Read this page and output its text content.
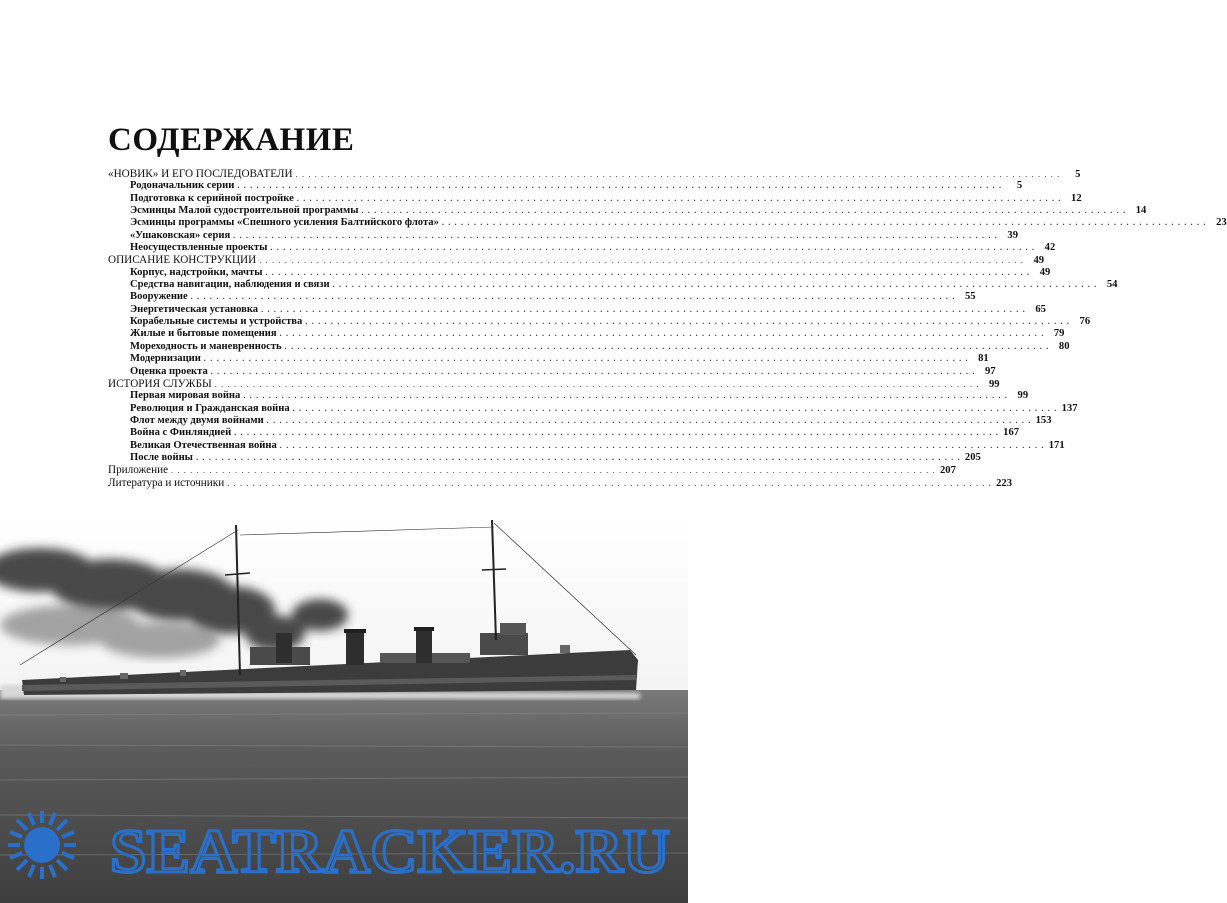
СОДЕРЖАНИЕ
«НОВИК» И ЕГО ПОСЛЕДОВАТЕЛИ . . . . . . . . . . . . . . . . . . . . . . . . . . . . . . . . . . . . . . . . . . . . . . . . . . . . . . . . . . . . . . . . . . . . . . . . . . . . . . . . . . . . . . . . . . . . . . . . . . . . . . . . . . . . . . . . . . . . . . . .	5
Родоначальник серии . . . . . . . . . . . . . . . . . . . . . . . . . . . . . . . . . . . . . . . . . . . . . . . . . . . . . . . . . . . . . . . . . . . . . . . . . . . . . . . . . . . . . . . . . . . . . . . . . . . . . . . . . . . . . . . . . . . . . . . .	5
Подготовка к серийной постройке . . . . . . . . . . . . . . . . . . . . . . . . . . . . . . . . . . . . . . . . . . . . . . . . . . . . . . . . . . . . . . . . . . . . . . . . . . . . . . . . . . . . . . . . . . . . . . . . . . . . . . . . . . . . . . . . . . . . . . . . 12
Эсминцы Малой судостроительной программы . . . . . . . . . . . . . . . . . . . . . . . . . . . . . . . . . . . . . . . . . . . . . . . . . . . . . . . . . . . . . . . . . . . . . . . . . . . . . . . . . . . . . . . . . . . . . . . . . . . . . . . . . . . . . . . . . . . . . . . . 14
Эсминцы программы «Спешного усиления Балтийского флота» . . . . . . . . . . . . . . . . . . . . . . . . . . . . . . . . . . . . . . . . . . . . . . . . . . . . . . . . . . . . . . . . . . . . . . . . . . . . . . . . . . . . . . . . . . . . . . . . . . . . . . . . . . . . . . . . . . . . . . . . 23
«Ушаковская» серия . . . . . . . . . . . . . . . . . . . . . . . . . . . . . . . . . . . . . . . . . . . . . . . . . . . . . . . . . . . . . . . . . . . . . . . . . . . . . . . . . . . . . . . . . . . . . . . . . . . . . . . . . . . . . . . . . . . . . . . . 39
Неосуществленные проекты . . . . . . . . . . . . . . . . . . . . . . . . . . . . . . . . . . . . . . . . . . . . . . . . . . . . . . . . . . . . . . . . . . . . . . . . . . . . . . . . . . . . . . . . . . . . . . . . . . . . . . . . . . . . . . . . . . . . . . . . 42
ОПИСАНИЕ КОНСТРУКЦИИ . . . . . . . . . . . . . . . . . . . . . . . . . . . . . . . . . . . . . . . . . . . . . . . . . . . . . . . . . . . . . . . . . . . . . . . . . . . . . . . . . . . . . . . . . . . . . . . . . . . . . . . . . . . . . . . . . . . . . . . . 49
Корпус, надстройки, мачты . . . . . . . . . . . . . . . . . . . . . . . . . . . . . . . . . . . . . . . . . . . . . . . . . . . . . . . . . . . . . . . . . . . . . . . . . . . . . . . . . . . . . . . . . . . . . . . . . . . . . . . . . . . . . . . . . . . . . . . . 49
Средства навигации, наблюдения и связи . . . . . . . . . . . . . . . . . . . . . . . . . . . . . . . . . . . . . . . . . . . . . . . . . . . . . . . . . . . . . . . . . . . . . . . . . . . . . . . . . . . . . . . . . . . . . . . . . . . . . . . . . . . . . . . . . . . . . . . . 54
Вооружение . . . . . . . . . . . . . . . . . . . . . . . . . . . . . . . . . . . . . . . . . . . . . . . . . . . . . . . . . . . . . . . . . . . . . . . . . . . . . . . . . . . . . . . . . . . . . . . . . . . . . . . . . . . . . . . . . . . . . . . . 55
Энергетическая установка . . . . . . . . . . . . . . . . . . . . . . . . . . . . . . . . . . . . . . . . . . . . . . . . . . . . . . . . . . . . . . . . . . . . . . . . . . . . . . . . . . . . . . . . . . . . . . . . . . . . . . . . . . . . . . . . . . . . . . . . 65
Корабельные системы и устройства . . . . . . . . . . . . . . . . . . . . . . . . . . . . . . . . . . . . . . . . . . . . . . . . . . . . . . . . . . . . . . . . . . . . . . . . . . . . . . . . . . . . . . . . . . . . . . . . . . . . . . . . . . . . . . . . . . . . . . . . 76
Жилые и бытовые помещения . . . . . . . . . . . . . . . . . . . . . . . . . . . . . . . . . . . . . . . . . . . . . . . . . . . . . . . . . . . . . . . . . . . . . . . . . . . . . . . . . . . . . . . . . . . . . . . . . . . . . . . . . . . . . . . . . . . . . . . . 79
Мореходность и маневренность . . . . . . . . . . . . . . . . . . . . . . . . . . . . . . . . . . . . . . . . . . . . . . . . . . . . . . . . . . . . . . . . . . . . . . . . . . . . . . . . . . . . . . . . . . . . . . . . . . . . . . . . . . . . . . . . . . . . . . . . 80
Модернизации . . . . . . . . . . . . . . . . . . . . . . . . . . . . . . . . . . . . . . . . . . . . . . . . . . . . . . . . . . . . . . . . . . . . . . . . . . . . . . . . . . . . . . . . . . . . . . . . . . . . . . . . . . . . . . . . . . . . . . . . 81
Оценка проекта . . . . . . . . . . . . . . . . . . . . . . . . . . . . . . . . . . . . . . . . . . . . . . . . . . . . . . . . . . . . . . . . . . . . . . . . . . . . . . . . . . . . . . . . . . . . . . . . . . . . . . . . . . . . . . . . . . . . . . . . 97
ИСТОРИЯ СЛУЖБЫ . . . . . . . . . . . . . . . . . . . . . . . . . . . . . . . . . . . . . . . . . . . . . . . . . . . . . . . . . . . . . . . . . . . . . . . . . . . . . . . . . . . . . . . . . . . . . . . . . . . . . . . . . . . . . . . . . . . . . . . . 99
Первая мировая война . . . . . . . . . . . . . . . . . . . . . . . . . . . . . . . . . . . . . . . . . . . . . . . . . . . . . . . . . . . . . . . . . . . . . . . . . . . . . . . . . . . . . . . . . . . . . . . . . . . . . . . . . . . . . . . . . . . . . . . . 99
Революция и Гражданская война . . . . . . . . . . . . . . . . . . . . . . . . . . . . . . . . . . . . . . . . . . . . . . . . . . . . . . . . . . . . . . . . . . . . . . . . . . . . . . . . . . . . . . . . . . . . . . . . . . . . . . . . . . . . . . . . . . . . . . . . 137
Флот между двумя войнами . . . . . . . . . . . . . . . . . . . . . . . . . . . . . . . . . . . . . . . . . . . . . . . . . . . . . . . . . . . . . . . . . . . . . . . . . . . . . . . . . . . . . . . . . . . . . . . . . . . . . . . . . . . . . . . . . . . . . . . . 153
Война с Финляндией . . . . . . . . . . . . . . . . . . . . . . . . . . . . . . . . . . . . . . . . . . . . . . . . . . . . . . . . . . . . . . . . . . . . . . . . . . . . . . . . . . . . . . . . . . . . . . . . . . . . . . . . . . . . . . . . . . . . . . . . 167
Великая Отечественная война . . . . . . . . . . . . . . . . . . . . . . . . . . . . . . . . . . . . . . . . . . . . . . . . . . . . . . . . . . . . . . . . . . . . . . . . . . . . . . . . . . . . . . . . . . . . . . . . . . . . . . . . . . . . . . . . . . . . . . . . 171
После войны . . . . . . . . . . . . . . . . . . . . . . . . . . . . . . . . . . . . . . . . . . . . . . . . . . . . . . . . . . . . . . . . . . . . . . . . . . . . . . . . . . . . . . . . . . . . . . . . . . . . . . . . . . . . . . . . . . . . . . . . 205
Приложение . . . . . . . . . . . . . . . . . . . . . . . . . . . . . . . . . . . . . . . . . . . . . . . . . . . . . . . . . . . . . . . . . . . . . . . . . . . . . . . . . . . . . . . . . . . . . . . . . . . . . . . . . . . . . . . . . . . . . . . . 207
Литература и источники . . . . . . . . . . . . . . . . . . . . . . . . . . . . . . . . . . . . . . . . . . . . . . . . . . . . . . . . . . . . . . . . . . . . . . . . . . . . . . . . . . . . . . . . . . . . . . . . . . . . . . . . . . . . . . . . . . . . . . . . 223
SEATRACKER.RU
